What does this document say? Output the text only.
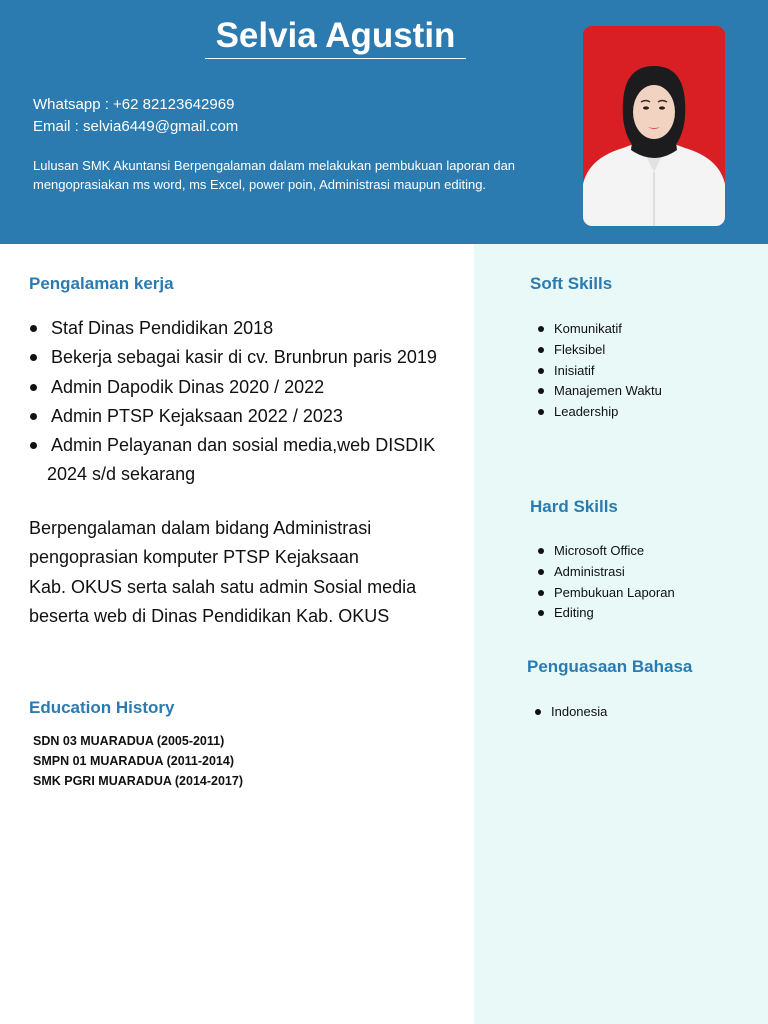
Selvia Agustin
Whatsapp : +62 82123642969
Email : selvia6449@gmail.com
Lulusan SMK Akuntansi Berpengalaman dalam melakukan pembukuan laporan dan mengoprasiakan ms word, ms Excel, power poin, Administrasi maupun editing.
Pengalaman kerja
Staf Dinas Pendidikan 2018
Bekerja sebagai kasir di cv. Brunbrun paris 2019
Admin Dapodik Dinas 2020 / 2022
Admin PTSP Kejaksaan 2022 / 2023
Admin Pelayanan dan sosial media,web DISDIK
2024 s/d sekarang
Berpengalaman dalam bidang Administrasi
pengoprasian komputer PTSP Kejaksaan
Kab. OKUS serta salah satu admin Sosial media
beserta web di Dinas Pendidikan Kab. OKUS
Education History
SDN 03 MUARADUA (2005-2011)
SMPN 01 MUARADUA (2011-2014)
SMK PGRI MUARADUA (2014-2017)
Soft Skills
Komunikatif
Fleksibel
Inisiatif
Manajemen Waktu
Leadership
Hard Skills
Microsoft Office
Administrasi
Pembukuan Laporan
Editing
Penguasaan Bahasa
Indonesia
